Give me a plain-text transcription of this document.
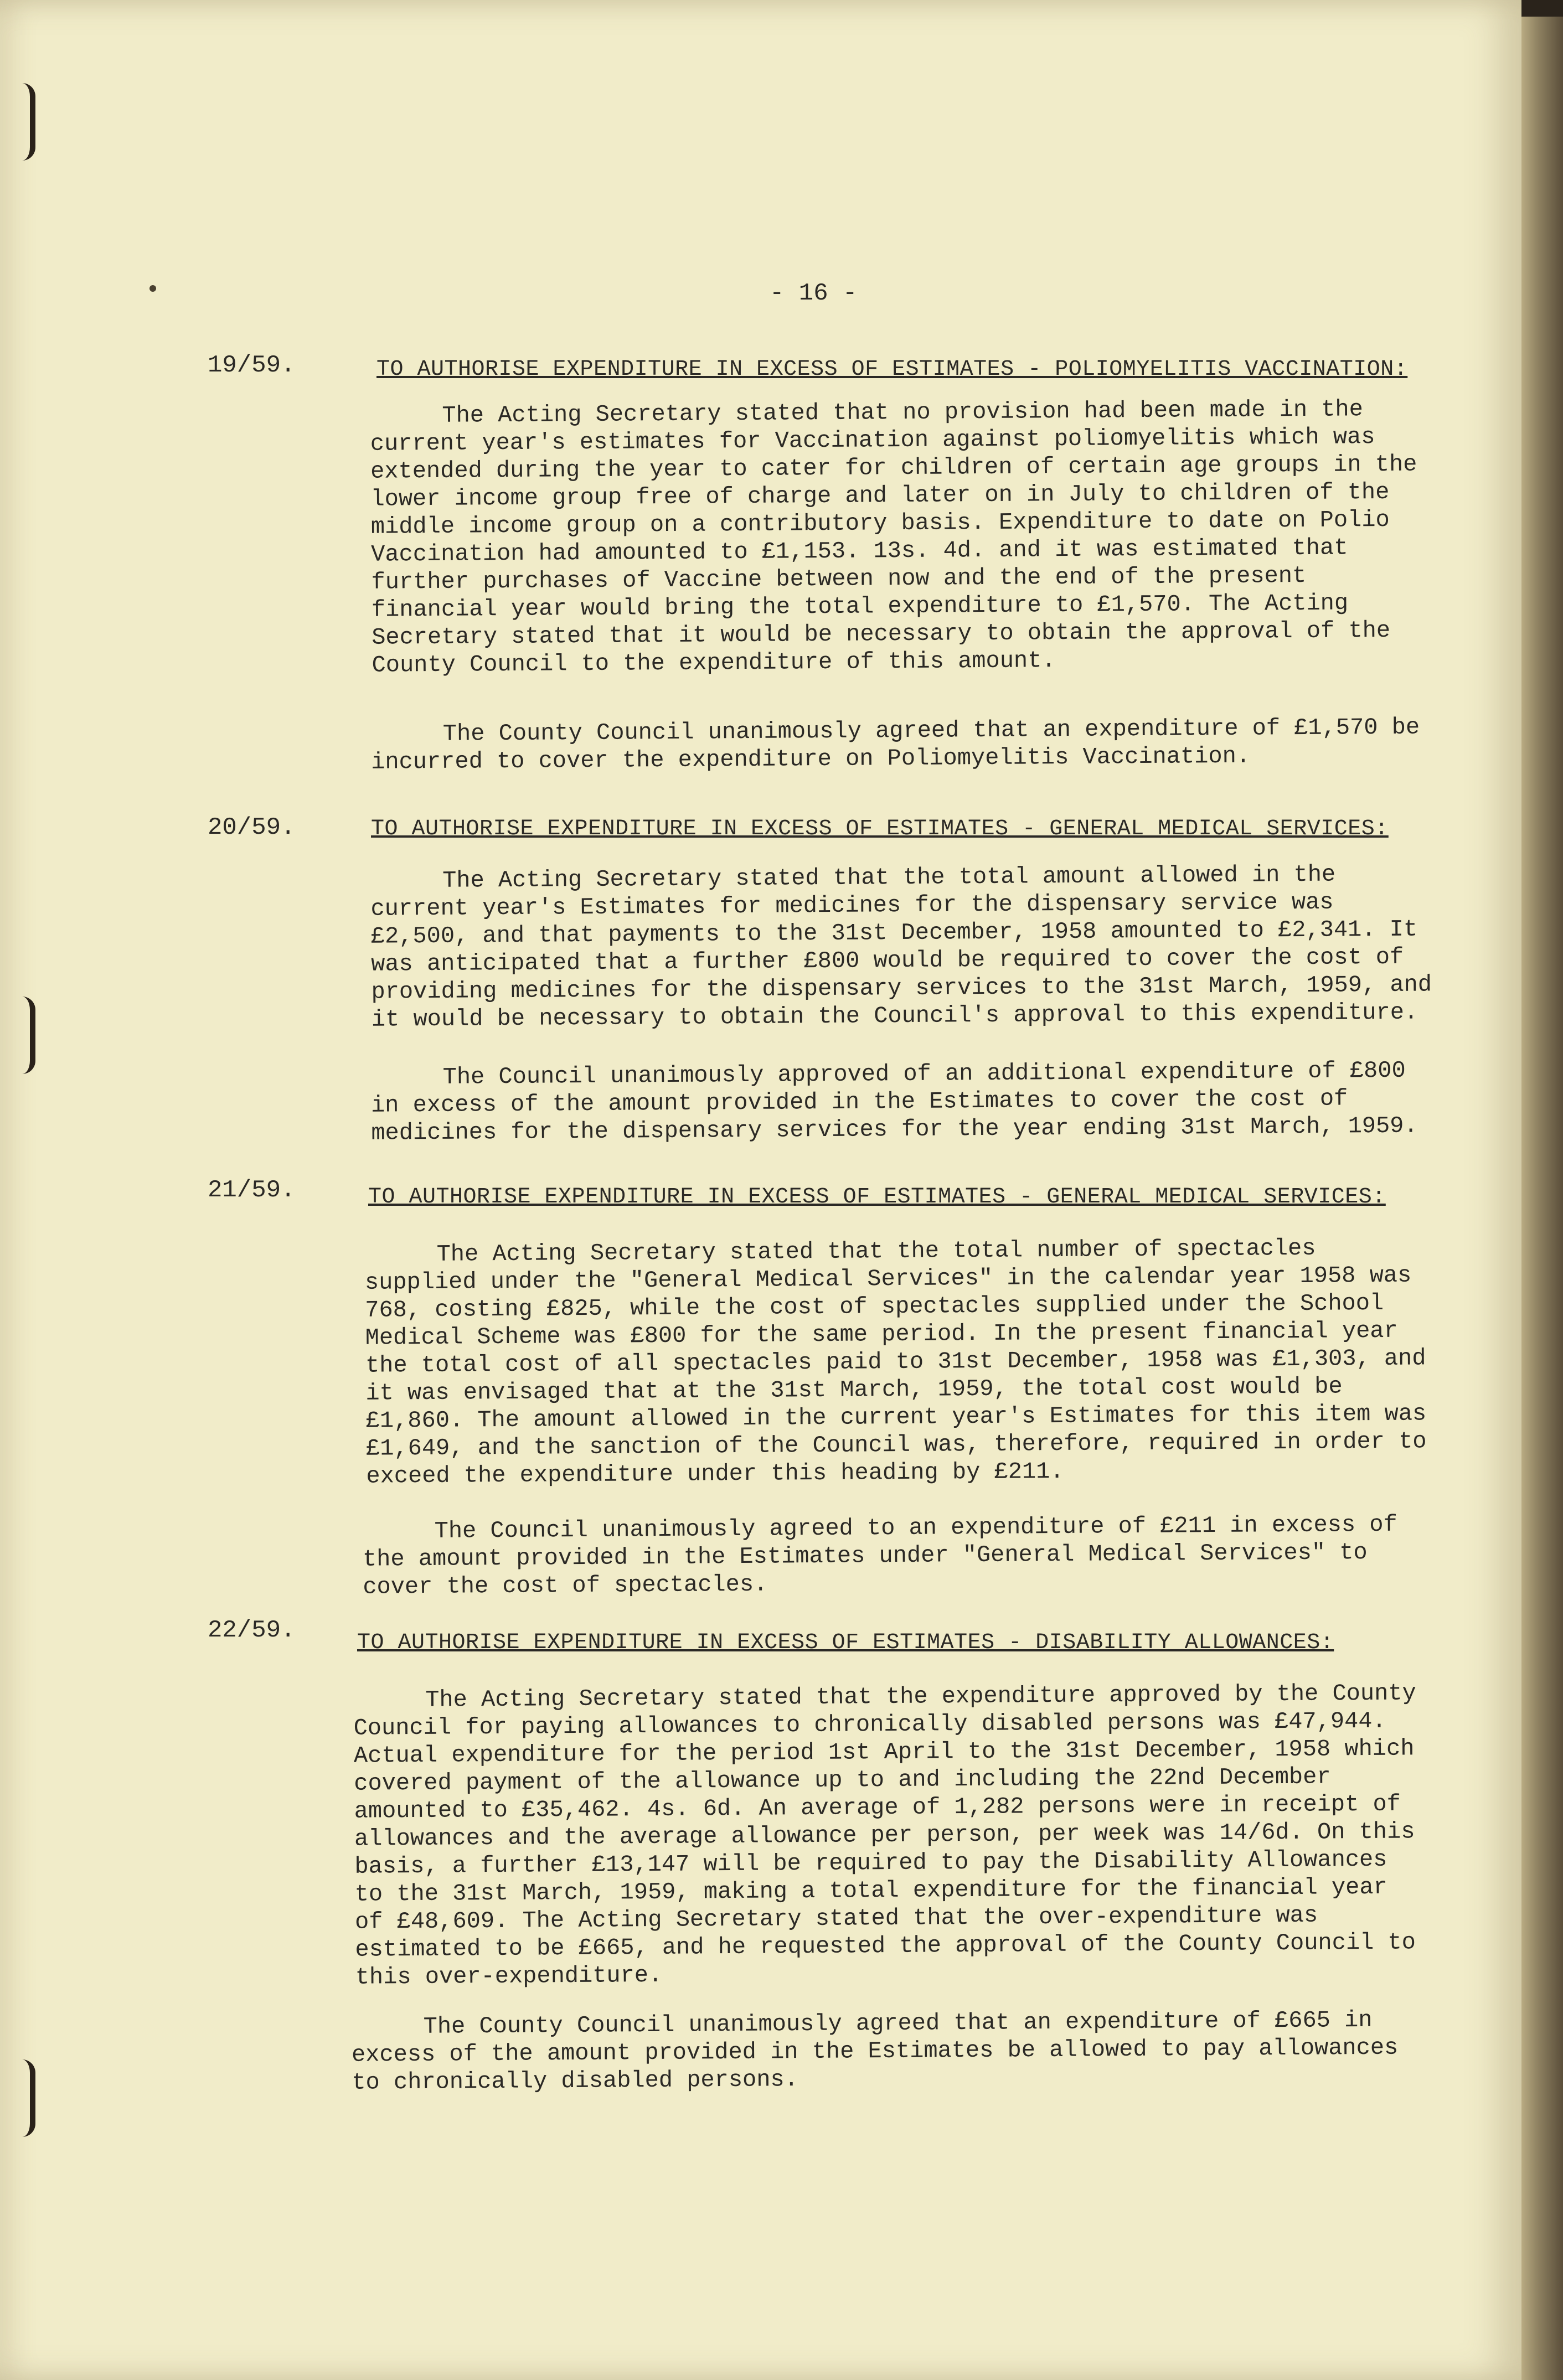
- 16 -
19/59.	TO AUTHORISE EXPENDITURE IN EXCESS OF ESTIMATES - POLIOMYELITIS VACCINATION:

The Acting Secretary stated that no provision had been made in the current year's estimates for Vaccination against poliomyelitis which was extended during the year to cater for children of certain age groups in the lower income group free of charge and later on in July to children of the middle income group on a contributory basis. Expenditure to date on Polio Vaccination had amounted to £1,153. 13s. 4d. and it was estimated that further purchases of Vaccine between now and the end of the present financial year would bring the total expenditure to £1,570. The Acting Secretary stated that it would be necessary to obtain the approval of the County Council to the expenditure of this amount.

The County Council unanimously agreed that an expenditure of £1,570 be incurred to cover the expenditure on Poliomyelitis Vaccination.

20/59.	TO AUTHORISE EXPENDITURE IN EXCESS OF ESTIMATES - GENERAL MEDICAL SERVICES:

The Acting Secretary stated that the total amount allowed in the current year's Estimates for medicines for the dispensary service was £2,500, and that payments to the 31st December, 1958 amounted to £2,341. It was anticipated that a further £800 would be required to cover the cost of providing medicines for the dispensary services to the 31st March, 1959, and it would be necessary to obtain the Council's approval to this expenditure.

The Council unanimously approved of an additional expenditure of £800 in excess of the amount provided in the Estimates to cover the cost of medicines for the dispensary services for the year ending 31st March, 1959.

21/59.	TO AUTHORISE EXPENDITURE IN EXCESS OF ESTIMATES - GENERAL MEDICAL SERVICES:

The Acting Secretary stated that the total number of spectacles supplied under the "General Medical Services" in the calendar year 1958 was 768, costing £825, while the cost of spectacles supplied under the School Medical Scheme was £800 for the same period. In the present financial year the total cost of all spectacles paid to 31st December, 1958 was £1,303, and it was envisaged that at the 31st March, 1959, the total cost would be £1,860. The amount allowed in the current year's Estimates for this item was £1,649, and the sanction of the Council was, therefore, required in order to exceed the expenditure under this heading by £211.

The Council unanimously agreed to an expenditure of £211 in excess of the amount provided in the Estimates under "General Medical Services" to cover the cost of spectacles.

22/59.	TO AUTHORISE EXPENDITURE IN EXCESS OF ESTIMATES - DISABILITY ALLOWANCES:

The Acting Secretary stated that the expenditure approved by the County Council for paying allowances to chronically disabled persons was £47,944. Actual expenditure for the period 1st April to the 31st December, 1958 which covered payment of the allowance up to and including the 22nd December amounted to £35,462. 4s. 6d. An average of 1,282 persons were in receipt of allowances and the average allowance per person, per week was 14/6d. On this basis, a further £13,147 will be required to pay the Disability Allowances to the 31st March, 1959, making a total expenditure for the financial year of £48,609. The Acting Secretary stated that the over-expenditure was estimated to be £665, and he requested the approval of the County Council to this over-expenditure.

The County Council unanimously agreed that an expenditure of £665 in excess of the amount provided in the Estimates be allowed to pay allowances to chronically disabled persons.
